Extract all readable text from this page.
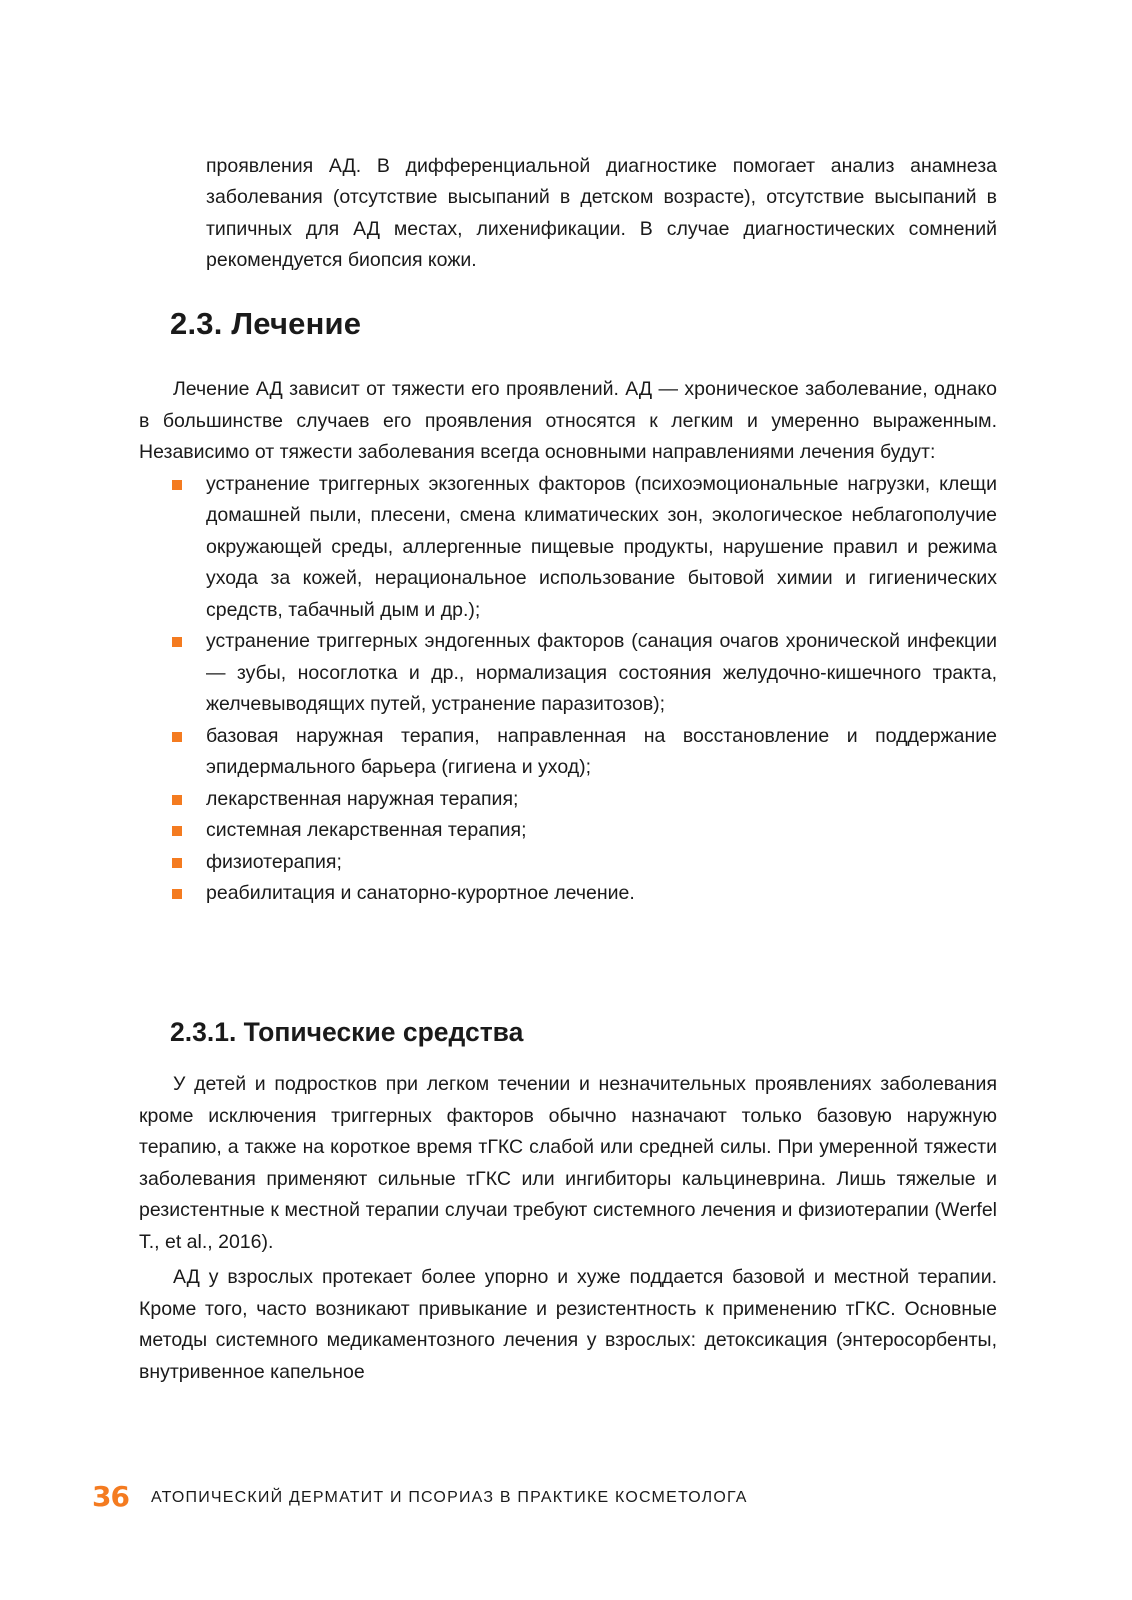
проявления АД. В дифференциальной диагностике помогает анализ анамнеза заболевания (отсутствие высыпаний в детском возрасте), отсутствие высыпаний в типичных для АД местах, лихенификации. В случае диагностических сомнений рекомендуется биопсия кожи.

2.3. Лечение

Лечение АД зависит от тяжести его проявлений. АД — хроническое заболевание, однако в большинстве случаев его проявления относятся к легким и умеренно выраженным. Независимо от тяжести заболевания всегда основными направлениями лечения будут:

устранение триггерных экзогенных факторов (психоэмоциональные нагрузки, клещи домашней пыли, плесени, смена климатических зон, экологическое неблагополучие окружающей среды, аллергенные пищевые продукты, нарушение правил и режима ухода за кожей, нерациональное использование бытовой химии и гигиенических средств, табачный дым и др.);
устранение триггерных эндогенных факторов (санация очагов хронической инфекции — зубы, носоглотка и др., нормализация состояния желудочно-кишечного тракта, желчевыводящих путей, устранение паразитозов);
базовая наружная терапия, направленная на восстановление и поддержание эпидермального барьера (гигиена и уход);
лекарственная наружная терапия;
системная лекарственная терапия;
физиотерапия;
реабилитация и санаторно-курортное лечение.
2.3.1. Топические средства

У детей и подростков при легком течении и незначительных проявлениях заболевания кроме исключения триггерных факторов обычно назначают только базовую наружную терапию, а также на короткое время тГКС слабой или средней силы. При умеренной тяжести заболевания применяют сильные тГКС или ингибиторы кальциневрина. Лишь тяжелые и резистентные к местной терапии случаи требуют системного лечения и физиотерапии (Werfel T., et al., 2016).

АД у взрослых протекает более упорно и хуже поддается базовой и местной терапии. Кроме того, часто возникают привыкание и резистентность к применению тГКС. Основные методы системного медикаментозного лечения у взрослых: детоксикация (энтеросорбенты, внутривенное капельное

36 АТОПИЧЕСКИЙ ДЕРМАТИТ И ПСОРИАЗ В ПРАКТИКЕ КОСМЕТОЛОГА
